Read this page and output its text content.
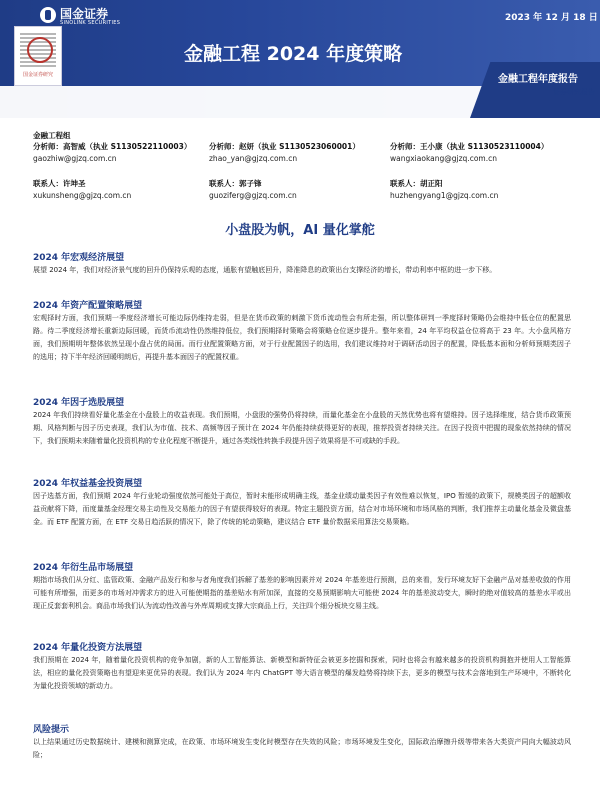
国金证券
SINOLINK SECURITIES	2023 年 12 月 18 日
金融工程 2024 年度策略
金融工程年度报告
证券研究报告
国金证券研究
金融工程组
分析师：高智威（执业 S1130522110003）
gaozhiw@gjzq.com.cn
分析师：赵妍（执业 S1130523060001）
zhao_yan@gjzq.com.cn
分析师：王小康（执业 S1130523110004）
wangxiaokang@gjzq.com.cn
联系人：许坤圣
xukunsheng@gjzq.com.cn
联系人：郭子锋
guoziferg@gjzq.com.cn
联系人：胡正阳
huzhengyang1@gjzq.com.cn
小盘股为帆，AI 量化掌舵
2024 年宏观经济展望
展望 2024 年，我们对经济景气度的回升仍保持乐观的态度，通胀有望触底回升，降准降息的政策出台支撑经济的增长，带动利率中枢的进一步下移。
2024 年资产配置策略展望
宏观择时方面，我们预期一季度经济增长可能边际仍维持走弱，但是在货币政策的刺激下货币流动性会有所走强，所以整体研判一季度择时策略仍会维持中低仓位的配置思路。待二季度经济增长重新边际回暖，而货币流动性仍然维持低位，我们预期择时策略会将策略仓位逐步提升。整年来看，24 年平均权益仓位将高于 23 年。大小盘风格方面，我们预期明年整体依然呈现小盘占优的局面。而行业配置策略方面，对于行业配置因子的选用，我们建议维持对于调研活动因子的配置，降低基本面和分析师预期类因子的选用；持下半年经济回暖明朗后，再提升基本面因子的配置权重。
2024 年因子选股展望
2024 年我们持续看好量化基金在小盘股上的收益表现。我们预期，小盘股的强势仍将持续，而量化基金在小盘股的天然优势也将有望维持。因子选择维度，结合货币政策预期、风格判断与因子历史表现，我们认为市值、技术、高频等因子预计在 2024 年仍能持续获得更好的表现，推荐投资者持续关注。在因子投资中把握的现象依然持续的情况下，我们预期未来随着量化投资机构的专业化程度不断提升，通过各类线性转换手段提升因子效果将是不可或缺的手段。
2024 年权益基金投资展望
因子选基方面，我们预期 2024 年行业轮动强度依然可能处于高位，暂时未能形成明确主线，基金业绩动量类因子有效性难以恢复，IPO 暂缓的政策下，规模类因子的超额收益贡献将下降，而度量基金经理交易主动性及交易能力的因子有望获得较好的表现。特定主题投资方面，结合对市场环境和市场风格的判断，我们推荐主动量化基金及微盘基金。而 ETF 配置方面，在 ETF 交易日趋活跃的情况下，除了传统的轮动策略，建议结合 ETF 量价数据采用算法交易策略。
2024 年衍生品市场展望
期指市场我们从分红、监管政策、金融产品发行和参与者角度我们拆解了基差的影响因素并对 2024 年基差进行预测，总的来看，发行环境友好下金融产品对基差收敛的作用可能有所增强，而更多的市场对冲需求方的进入可能使期指的基差贴水有所加深，直接的交易预期影响大可能使 2024 年的基差波动变大，瞬时的绝对值较高的基差水平或出现正反套套利机会。商品市场我们认为流动性改善与外库周期或支撑大宗商品上行，关注四个细分板块交易主线。
2024 年量化投资方法展望
我们预期在 2024 年，随着量化投资机构的竞争加剧，新的人工智能算法、新模型和新特征会被更多挖掘和探索，同时也将会有越来越多的投资机构拥抱并使用人工智能算法，相应的量化投资策略也有望迎来更优异的表现。我们认为 2024 年内 ChatGPT 等大语言模型的爆发趋势将持续下去，更多的模型与技术会落地到生产环境中，不断转化为量化投资领域的新动力。
风险提示
以上结果通过历史数据统计、建模和测算完成，在政策、市场环境发生变化时模型存在失效的风险；市场环境发生变化，国际政治摩擦升级等带来各大类资产同向大幅波动风险；
